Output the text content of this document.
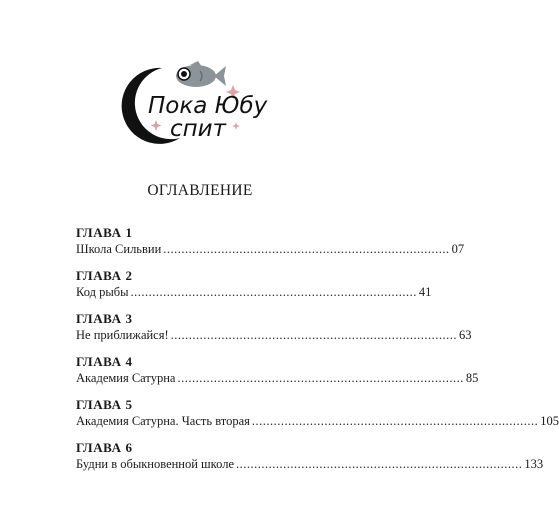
Пока Юбу
спит
ОГЛАВЛЕНИЕ
ГЛАВА 1
Школа Сильвии ............................................................................... 07
ГЛАВА 2
Код рыбы ............................................................................... 41
ГЛАВА 3
Не приближайся! ............................................................................... 63
ГЛАВА 4
Академия Сатурна ............................................................................... 85
ГЛАВА 5
Академия Сатурна. Часть вторая ............................................................................... 105
ГЛАВА 6
Будни в обыкновенной школе ............................................................................... 133
